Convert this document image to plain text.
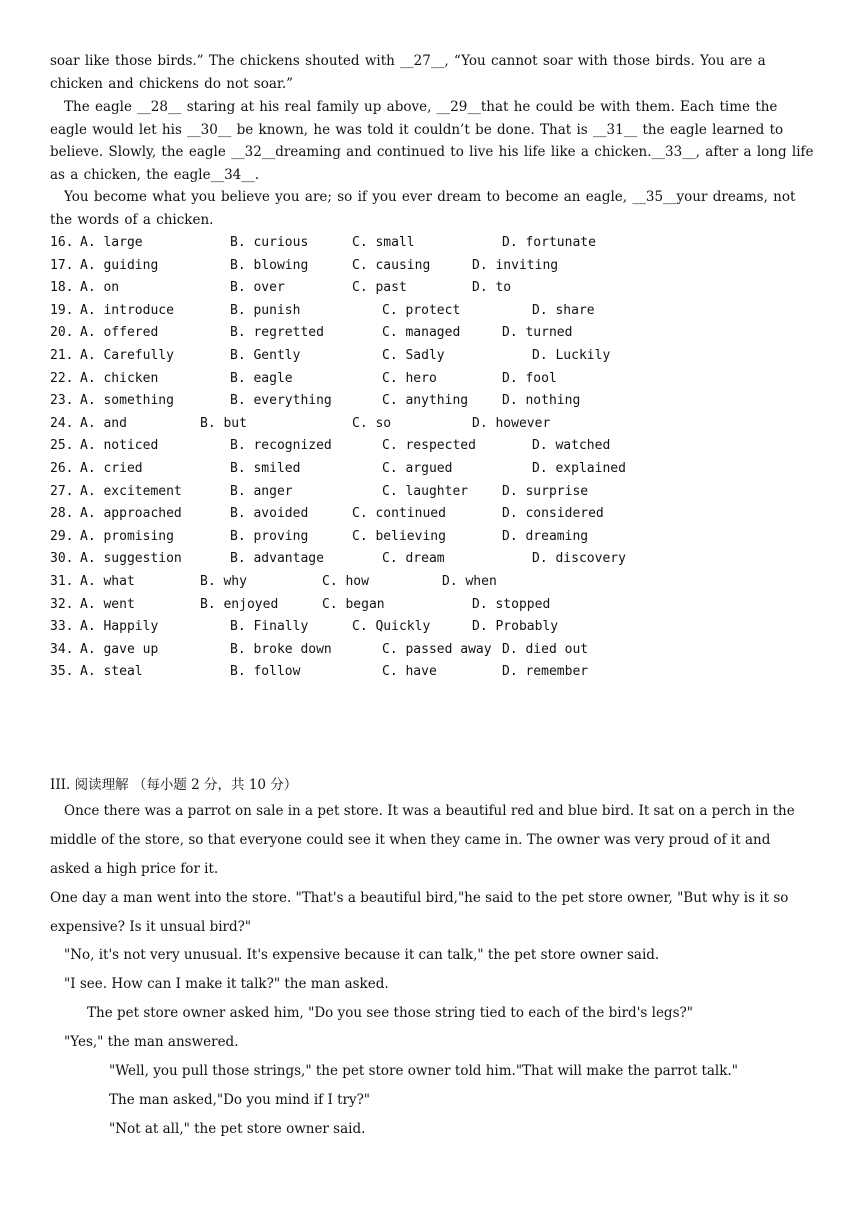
soar like those birds.” The chickens shouted with __27__, “You cannot soar with those birds. You are a chicken and chickens do not soar.”
The eagle __28__ staring at his real family up above, __29__that he could be with them. Each time the eagle would let his __30__ be known, he was told it couldn’t be done. That is __31__ the eagle learned to believe. Slowly, the eagle __32__dreaming and continued to live his life like a chicken.__33__, after a long life as a chicken, the eagle__34__.
You become what you believe you are; so if you ever dream to become an eagle, __35__your dreams, not the words of a chicken.
16. A. large	B. curious	C. small	D. fortunate
17. A. guiding	B. blowing	C. causing	D. inviting
18. A. on	B. over	C. past	D. to
19. A. introduce	B. punish	C. protect	D. share
20. A. offered	B. regretted	C. managed	D. turned
21. A. Carefully	B. Gently	C. Sadly	D. Luckily
22. A. chicken	B. eagle	C. hero	D. fool
23. A. something	B. everything	C. anything	D. nothing
24. A. and	B. but	C. so	D. however
25. A. noticed	B. recognized	C. respected	D. watched
26. A. cried	B. smiled	C. argued	D. explained
27. A. excitement	B. anger	C. laughter	D. surprise
28. A. approached	B. avoided	C. continued	D. considered
29. A. promising	B. proving	C. believing	D. dreaming
30. A. suggestion	B. advantage	C. dream	D. discovery
31. A. what	B. why	C. how	D. when
32. A. went	B. enjoyed	C. began	D. stopped
33. A. Happily	B. Finally	C. Quickly	D. Probably
34. A. gave up	B. broke down	C. passed away D. died out
35. A. steal	B. follow	C. have	D. remember
III. 阅读理解 （每小题 2 分，共 10 分）
Once there was a parrot on sale in a pet store. It was a beautiful red and blue bird. It sat on a perch in the middle of the store, so that everyone could see it when they came in. The owner was very proud of it and asked a high price for it.
One day a man went into the store. "That's a beautiful bird,"he said to the pet store owner, "But why is it so expensive? Is it unsual bird?"
"No, it's not very unusual. It's expensive because it can talk," the pet store owner said.
"I see. How can I make it talk?" the man asked.
The pet store owner asked him, "Do you see those string tied to each of the bird's legs?"
"Yes," the man answered.
"Well, you pull those strings," the pet store owner told him."That will make the parrot talk."
The man asked,"Do you mind if I try?"
"Not at all," the pet store owner said.
